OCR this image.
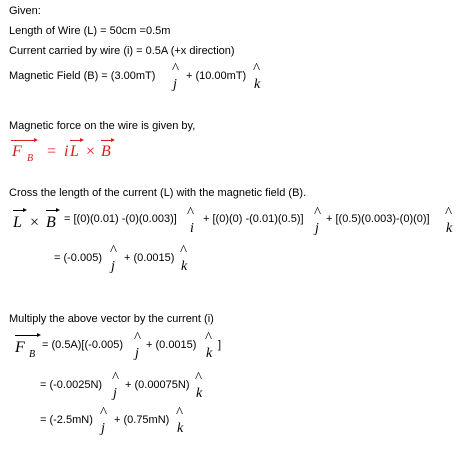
Given:
Length of Wire (L) = 50cm =0.5m
Current carried by wire (i) = 0.5A (+x direction)
Magnetic Field (B) = (3.00mT) ^
j
+ (10.00mT) ^
k
Magnetic force on the wire is given by,
F B = i L × B
Cross the length of the current (L) with the magnetic field (B).
L × B = [(0)(0.01) -(0)(0.003)] ^
i
+ [(0)(0) -(0.01)(0.5)] ^
j
+ [(0.5)(0.003)-(0)(0)] ^
k
= (-0.005) ^
j
+ (0.0015) ^
k
Multiply the above vector by the current (i)
F B
= (0.5A)[(-0.005) ^
j
+ (0.0015) ^
k
]
= (-0.0025N) ^
j
+ (0.00075N) ^
k
= (-2.5mN) ^
j
+ (0.75mN) ^
k
